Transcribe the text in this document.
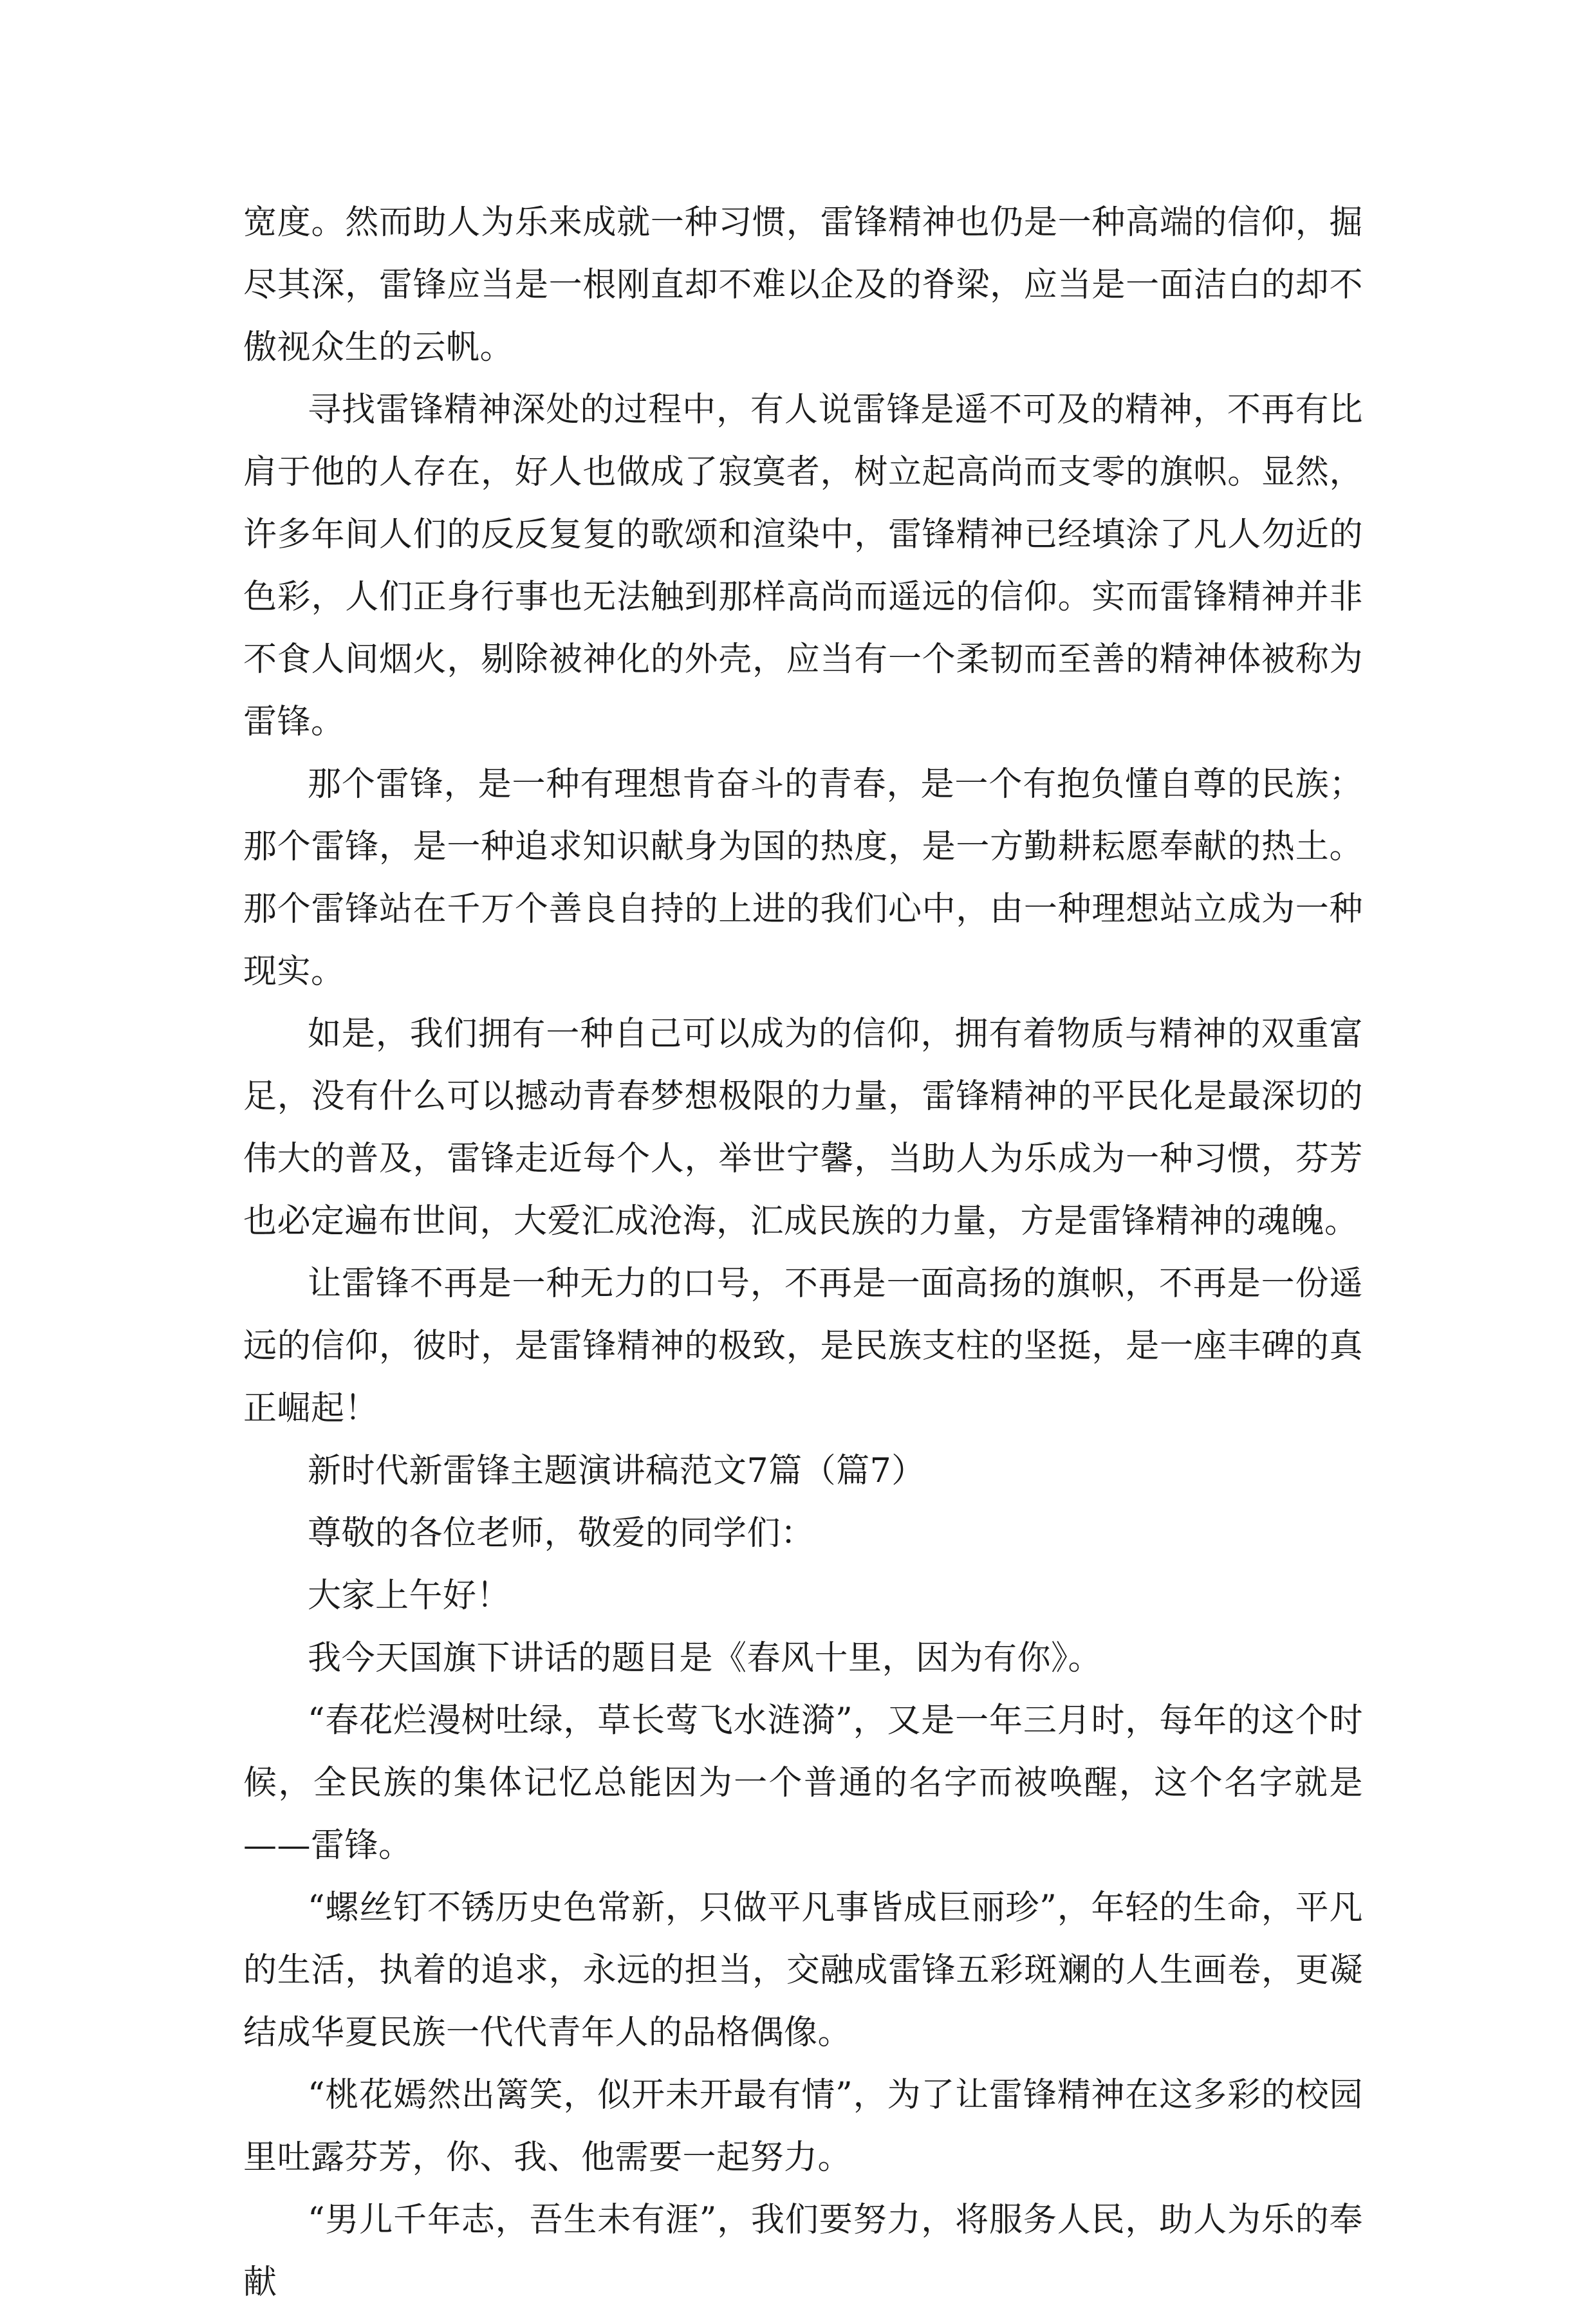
宽度。然而助人为乐来成就一种习惯，雷锋精神也仍是一种高端的信仰，掘尽其深，雷锋应当是一根刚直却不难以企及的脊梁，应当是一面洁白的却不傲视众生的云帆。

寻找雷锋精神深处的过程中，有人说雷锋是遥不可及的精神，不再有比肩于他的人存在，好人也做成了寂寞者，树立起高尚而支零的旗帜。显然，许多年间人们的反反复复的歌颂和渲染中，雷锋精神已经填涂了凡人勿近的色彩，人们正身行事也无法触到那样高尚而遥远的信仰。实而雷锋精神并非不食人间烟火，剔除被神化的外壳，应当有一个柔韧而至善的精神体被称为雷锋。

那个雷锋，是一种有理想肯奋斗的青春，是一个有抱负懂自尊的民族；那个雷锋，是一种追求知识献身为国的热度，是一方勤耕耘愿奉献的热土。那个雷锋站在千万个善良自持的上进的我们心中，由一种理想站立成为一种现实。

如是，我们拥有一种自己可以成为的信仰，拥有着物质与精神的双重富足，没有什么可以撼动青春梦想极限的力量，雷锋精神的平民化是最深切的伟大的普及，雷锋走近每个人，举世宁馨，当助人为乐成为一种习惯，芬芳也必定遍布世间，大爱汇成沧海，汇成民族的力量，方是雷锋精神的魂魄。

让雷锋不再是一种无力的口号，不再是一面高扬的旗帜，不再是一份遥远的信仰，彼时，是雷锋精神的极致，是民族支柱的坚挺，是一座丰碑的真正崛起！

新时代新雷锋主题演讲稿范文7篇（篇7）

尊敬的各位老师，敬爱的同学们：

大家上午好！

我今天国旗下讲话的题目是《春风十里，因为有你》。

“春花烂漫树吐绿，草长莺飞水涟漪”，又是一年三月时，每年的这个时候，全民族的集体记忆总能因为一个普通的名字而被唤醒，这个名字就是——雷锋。

“螺丝钉不锈历史色常新，只做平凡事皆成巨丽珍”，年轻的生命，平凡的生活，执着的追求，永远的担当，交融成雷锋五彩斑斓的人生画卷，更凝结成华夏民族一代代青年人的品格偶像。

“桃花嫣然出篱笑，似开未开最有情”，为了让雷锋精神在这多彩的校园里吐露芬芳，你、我、他需要一起努力。

“男儿千年志，吾生未有涯”，我们要努力，将服务人民，助人为乐的奉献
